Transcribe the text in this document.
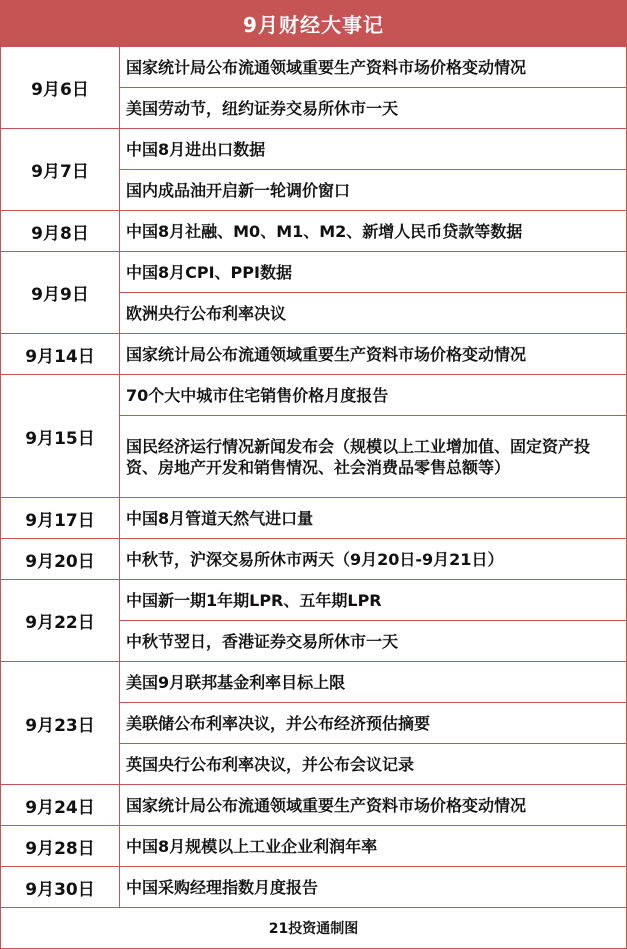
9月财经大事记
9月6日	国家统计局公布流通领域重要生产资料市场价格变动情况
	美国劳动节，纽约证券交易所休市一天
9月7日	中国8月进出口数据
	国内成品油开启新一轮调价窗口
9月8日	中国8月社融、M0、M1、M2、新增人民币贷款等数据
9月9日	中国8月CPI、PPI数据
	欧洲央行公布利率决议
9月14日	国家统计局公布流通领域重要生产资料市场价格变动情况
9月15日	70个大中城市住宅销售价格月度报告
	国民经济运行情况新闻发布会（规模以上工业增加值、固定资产投资、房地产开发和销售情况、社会消费品零售总额等）
9月17日	中国8月管道天然气进口量
9月20日	中秋节，沪深交易所休市两天（9月20日-9月21日）
9月22日	中国新一期1年期LPR、五年期LPR
	中秋节翌日，香港证券交易所休市一天
9月23日	美国9月联邦基金利率目标上限
	美联储公布利率决议，并公布经济预估摘要
	英国央行公布利率决议，并公布会议记录
9月24日	国家统计局公布流通领域重要生产资料市场价格变动情况
9月28日	中国8月规模以上工业企业利润年率
9月30日	中国采购经理指数月度报告
21投资通制图	
